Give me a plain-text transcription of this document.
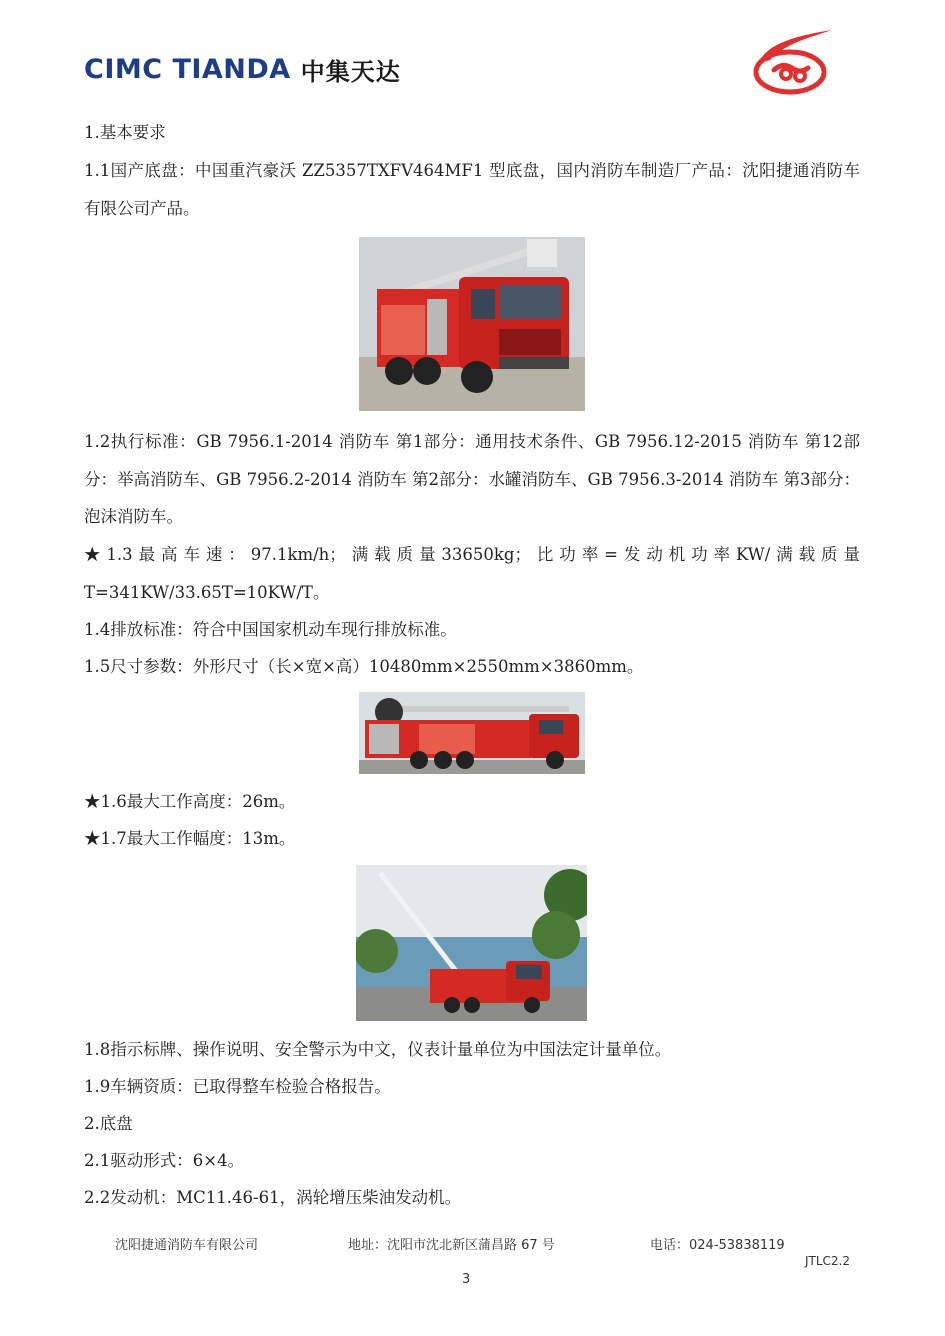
CIMC TIANDA 中集天达

1.基本要求

1.1国产底盘：中国重汽豪沃 ZZ5357TXFV464MF1 型底盘，国内消防车制造厂产品：沈阳捷通消防车有限公司产品。

1.2执行标准：GB 7956.1-2014 消防车 第1部分：通用技术条件、GB 7956.12-2015 消防车 第12部分：举高消防车、GB 7956.2-2014 消防车 第2部分：水罐消防车、GB 7956.3-2014 消防车 第3部分：泡沫消防车。

★1.3最高车速：97.1km/h；满载质量33650kg；比功率=发动机功率KW/满载质量T=341KW/33.65T=10KW/T。

1.4排放标准：符合中国国家机动车现行排放标准。

1.5尺寸参数：外形尺寸（长×宽×高）10480mm×2550mm×3860mm。

★1.6最大工作高度：26m。

★1.7最大工作幅度：13m。

1.8指示标牌、操作说明、安全警示为中文，仪表计量单位为中国法定计量单位。

1.9车辆资质：已取得整车检验合格报告。

2.底盘

2.1驱动形式：6×4。

2.2发动机：MC11.46-61，涡轮增压柴油发动机。

沈阳捷通消防车有限公司	地址：沈阳市沈北新区蒲昌路 67 号	电话：024-53838119
JTLC2.2
3
